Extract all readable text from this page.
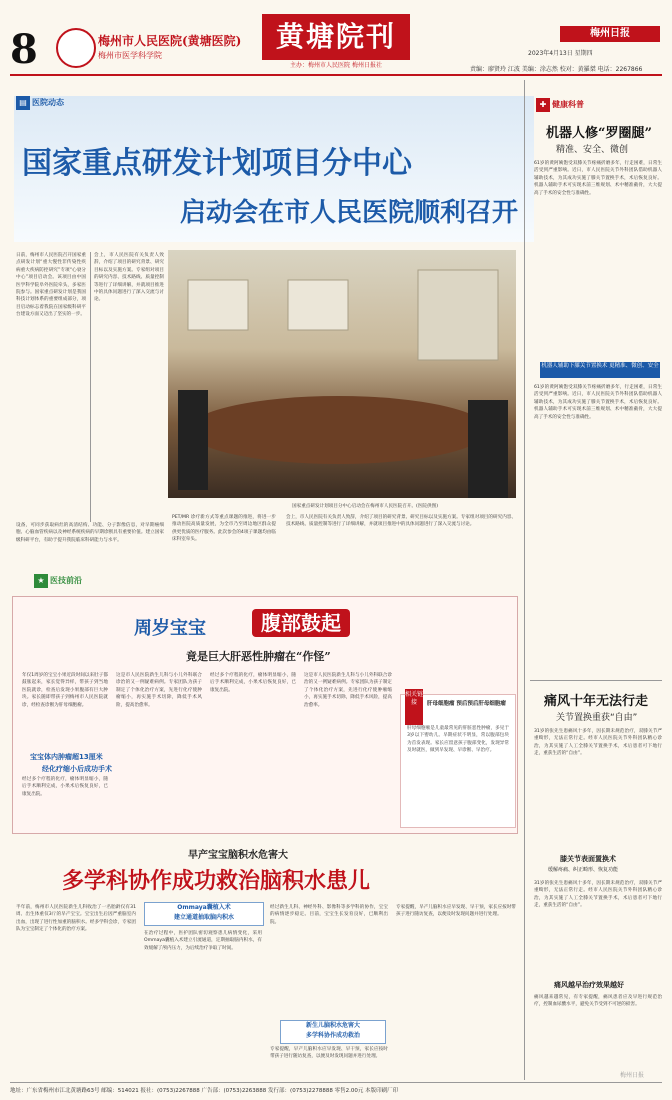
8	梅州市人民医院(黄塘医院)
梅州市医学科学院
黄塘院刊
主办：梅州市人民医院 梅州日报社
梅州日报
2023年4月13日 星期四
责编：廖贤玲 江波 美编：涂志然 校对：黄羅桀 电话：2267866
▤ 医院动态
国家重点研发计划项目分中心
启动会在市人民医院顺利召开
日前，梅州市人民医院召开国家重点研发计划“重大慢性非传染性疾病重大疾病防控研究”专项“心衰分中心”项目启动会。该项目由中国医学科学院阜外医院牵头，多家医院参与。国家重点研发计划是我国科技计划体系的重要组成部分，项目启动标志着我院在国家级科研平台建设方面又迈出了坚实的一步。
会上，市人民医院有关负责人致辞，介绍了项目的研究背景、研究目标以及实施方案。专家组对项目的研究内容、技术路线、质量控制等进行了详细讲解，并就项目推进中的具体问题进行了深入交流与讨论。
国家重点研发计划项目分中心启动会在梅州市人民医院召开。(医院供图)
设备，可同步获取病灶的高清结构、功能、分子影像信息，对早期癌细胞、心脑血管疾病以及神经系统疾病的早期诊断具有重要价值。建立国家级科研平台，有助于提升我院临床科研能力与水平。
PET/MR 诊疗新方式等重点课题的推进，将进一步推动医院高质量发展，为全市乃至周边地区群众提供更优质的医疗服务。此次参会的4项子课题均由临床科室牵头。
会上，市人民医院有关负责人致辞，介绍了项目的研究背景、研究目标以及实施方案。专家组对项目的研究内容、技术路线、质量控制等进行了详细讲解，并就项目推进中的具体问题进行了深入交流与讨论。
✚ 健康科普
机器人修“罗圈腿”
精准、安全、微创
61岁的黄阿姨饱受双膝关节疼痛折磨多年，行走困难，日常生活受到严重影响。近日，市人民医院关节外科团队借助机器人辅助技术，为其成功实施了膝关节置换手术，术后恢复良好。机器人辅助手术可实现术前三维规划、术中精准截骨，大大提高了手术的安全性与准确性。
机器人辅助下膝关节置换术 更精准、微创、安全
61岁的黄阿姨饱受双膝关节疼痛折磨多年，行走困难，日常生活受到严重影响。近日，市人民医院关节外科团队借助机器人辅助技术，为其成功实施了膝关节置换手术，术后恢复良好。机器人辅助手术可实现术前三维规划、术中精准截骨，大大提高了手术的安全性与准确性。
痛风十年无法行走
关节置换重获“自由”
31岁的张先生患痛风十多年，因长期未规范治疗，双膝关节严重畸形，无法正常行走。经市人民医院关节外科团队精心诊治，为其实施了人工全膝关节置换手术，术后患者可下地行走，重获生活的“自由”。
膝关节表面置换术
缓解疼痛、纠正畸形、恢复功能
31岁的张先生患痛风十多年，因长期未规范治疗，双膝关节严重畸形，无法正常行走。经市人民医院关节外科团队精心诊治，为其实施了人工全膝关节置换手术，术后患者可下地行走，重获生活的“自由”。
痛风越早治疗效果越好
痛风越来越常见，有专家提醒，痛风患者应及早进行规范治疗，控制血尿酸水平，避免关节受到不可逆的损害。
★ 医技前沿
周岁宝宝	腹部鼓起
竟是巨大肝恶性肿瘤在“作怪”
年仅1周岁的宝宝小果近段时间以来肚子都鼓胀起来，家长觉得异样，带孩子到当地医院就诊，检查后发现小果腹部有巨大肿块。家长随即带孩子到梅州市人民医院就诊，经检查诊断为肝母细胞瘤。
宝宝体内肿瘤超13厘米
经化疗缩小后成功手术
经过多个疗程的化疗，瘤体明显缩小，随后手术顺利完成，小果术后恢复良好，已康复出院。
这是市人民医院新生儿科与小儿外科联合诊治的又一例疑难病例。专家团队为孩子制定了个体化治疗方案，先进行化疗使肿瘤缩小，再实施手术切除，降低手术风险，提高治愈率。
经过多个疗程的化疗，瘤体明显缩小，随后手术顺利完成，小果术后恢复良好，已康复出院。
这是市人民医院新生儿科与小儿外科联合诊治的又一例疑难病例。专家团队为孩子制定了个体化治疗方案，先进行化疗使肿瘤缩小，再实施手术切除，降低手术风险，提高治愈率。
相关链接	肝母细胞瘤 预后预后肝母细胞瘤
肝母细胞瘤是儿童最常见的肝脏恶性肿瘤，多见于3岁以下婴幼儿。早期症状不明显，常以腹部包块为首发表现。家长应留意孩子腹部变化，发现异常及时就医，做到早发现、早诊断、早治疗。
早产宝宝脑积水危害大
多学科协作成功救治脑积水患儿
半年前，梅州市人民医院新生儿科收治了一名胎龄仅有31周、出生体重仅3斤的早产宝宝。宝宝出生后因严重脑室内出血，出现了进行性加重的脑积水。经多学科会诊，专家团队为宝宝制定了个体化的治疗方案。
Ommaya囊植入术
建立通道抽取脑内积水
在治疗过程中，医护团队密切观察患儿病情变化，采用Ommaya囊植入术建立引流通道，定期抽取脑内积水，有效缓解了颅内压力，为后续治疗争取了时间。
经过新生儿科、神经外科、影像科等多学科的协作，宝宝的病情逐步稳定。目前，宝宝生长发育良好，已顺利出院。
新生儿脑积水危害大
多学科协作成功救治
专家提醒，早产儿脑积水应早发现、早干预，家长应按时带孩子进行随访复查，以便及时发现问题并进行处理。
专家提醒，早产儿脑积水应早发现、早干预，家长应按时带孩子进行随访复查，以便及时发现问题并进行处理。
地址：广东省梅州市江北黄塘路63号 邮编：514021 报社：(0753)2267888 广告部：(0753)2263888 发行部：(0753)2278888 零售2.00元 本版印刷厂印
梅州日报
